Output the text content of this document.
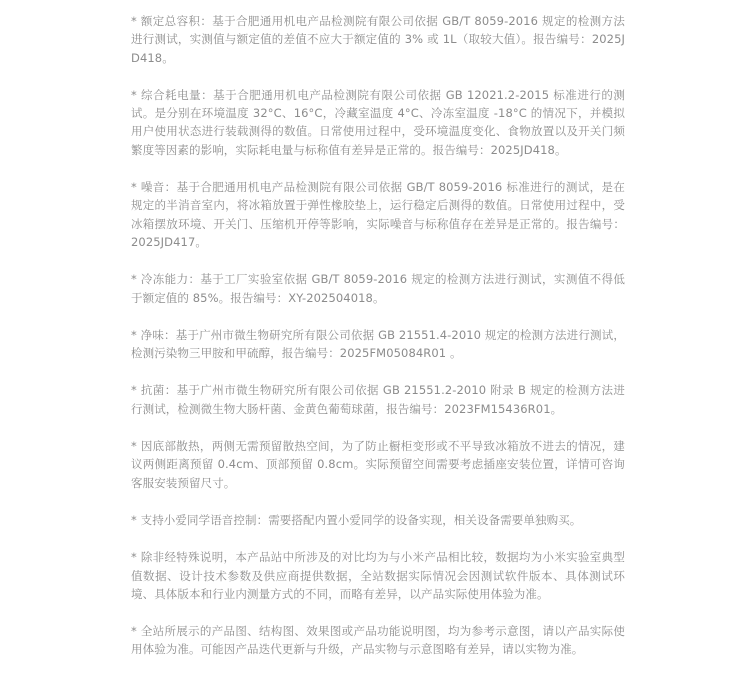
* 额定总容积：基于合肥通用机电产品检测院有限公司依据 GB/T 8059-2016 规定的检测方法进行测试，实测值与额定值的差值不应大于额定值的 3% 或 1L（取较大值）。报告编号：2025JD418。
* 综合耗电量：基于合肥通用机电产品检测院有限公司依据 GB 12021.2-2015 标准进行的测试。是分别在环境温度 32°C、16°C，冷藏室温度 4°C、冷冻室温度 -18°C 的情况下，并模拟用户使用状态进行装载测得的数值。日常使用过程中，受环境温度变化、食物放置以及开关门频繁度等因素的影响，实际耗电量与标称值有差异是正常的。报告编号：2025JD418。
* 噪音：基于合肥通用机电产品检测院有限公司依据 GB/T 8059-2016 标准进行的测试，是在规定的半消音室内，将冰箱放置于弹性橡胶垫上，运行稳定后测得的数值。日常使用过程中，受冰箱摆放环境、开关门、压缩机开停等影响，实际噪音与标称值存在差异是正常的。报告编号：2025JD417。
* 冷冻能力：基于工厂实验室依据 GB/T 8059-2016 规定的检测方法进行测试，实测值不得低于额定值的 85%。报告编号：XY-202504018。
* 净味：基于广州市微生物研究所有限公司依据 GB 21551.4-2010 规定的检测方法进行测试，检测污染物三甲胺和甲硫醇，报告编号：2025FM05084R01 。
* 抗菌：基于广州市微生物研究所有限公司依据 GB 21551.2-2010 附录 B 规定的检测方法进行测试，检测微生物大肠杆菌、金黄色葡萄球菌，报告编号：2023FM15436R01。
* 因底部散热，两侧无需预留散热空间，为了防止橱柜变形或不平导致冰箱放不进去的情况，建议两侧距离预留 0.4cm、顶部预留 0.8cm。实际预留空间需要考虑插座安装位置，详情可咨询客服安装预留尺寸。
* 支持小爱同学语音控制：需要搭配内置小爱同学的设备实现，相关设备需要单独购买。
* 除非经特殊说明，本产品站中所涉及的对比均为与小米产品相比较，数据均为小米实验室典型值数据、设计技术参数及供应商提供数据，全站数据实际情况会因测试软件版本、具体测试环境、具体版本和行业内测量方式的不同，而略有差异，以产品实际使用体验为准。
* 全站所展示的产品图、结构图、效果图或产品功能说明图，均为参考示意图，请以产品实际使用体验为准。可能因产品迭代更新与升级，产品实物与示意图略有差异，请以实物为准。
